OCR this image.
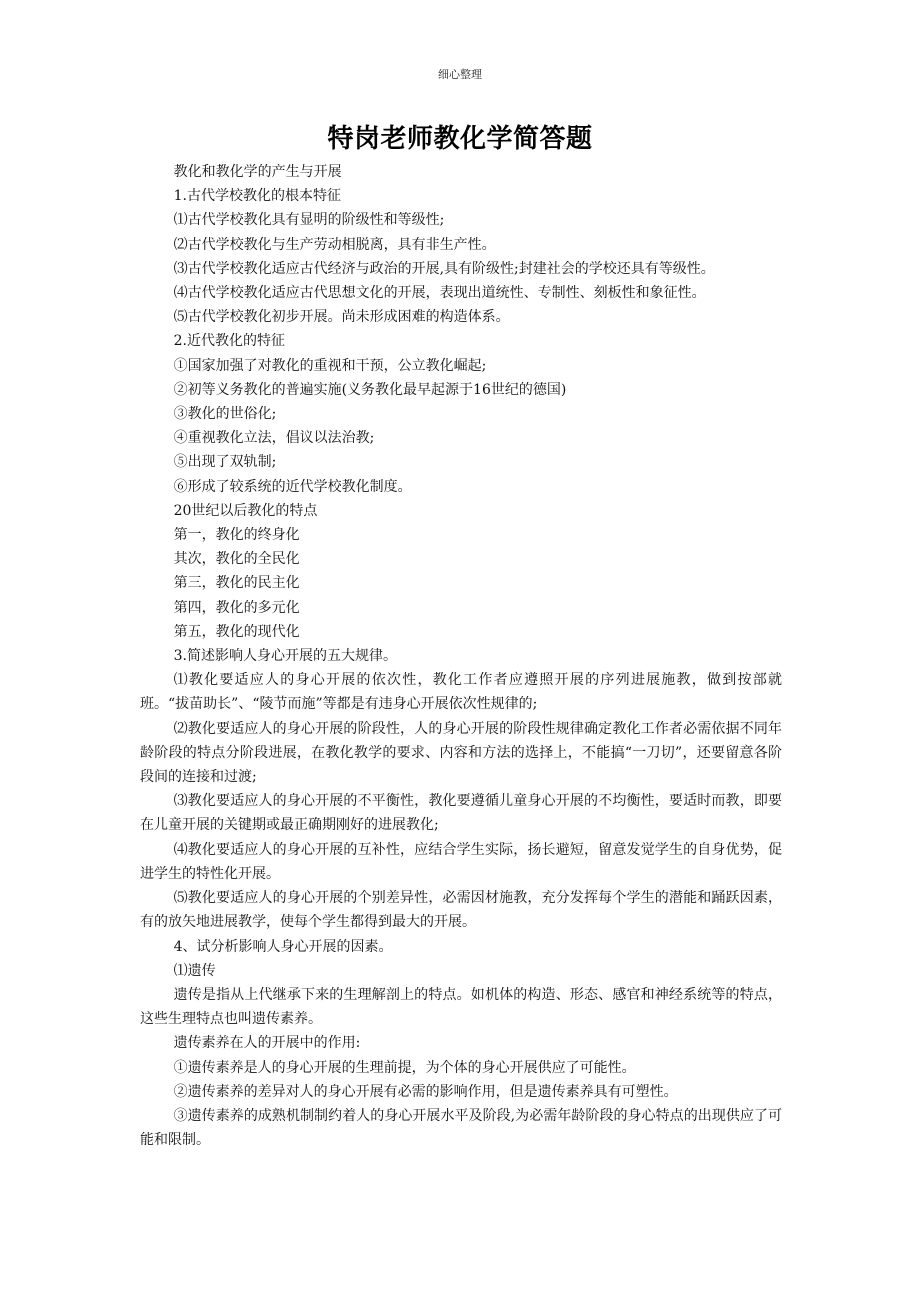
细心整理
特岗老师教化学简答题

教化和教化学的产生与开展

1.古代学校教化的根本特征

⑴古代学校教化具有显明的阶级性和等级性;

⑵古代学校教化与生产劳动相脱离，具有非生产性。

⑶古代学校教化适应古代经济与政治的开展,具有阶级性;封建社会的学校还具有等级性。

⑷古代学校教化适应古代思想文化的开展，表现出道统性、专制性、刻板性和象征性。

⑸古代学校教化初步开展。尚未形成困难的构造体系。

2.近代教化的特征

①国家加强了对教化的重视和干预，公立教化崛起;

②初等义务教化的普遍实施(义务教化最早起源于16世纪的德国)

③教化的世俗化;

④重视教化立法，倡议以法治教;

⑤出现了双轨制;

⑥形成了较系统的近代学校教化制度。

20世纪以后教化的特点

第一，教化的终身化

其次，教化的全民化

第三，教化的民主化

第四，教化的多元化

第五，教化的现代化

3.简述影响人身心开展的五大规律。

⑴教化要适应人的身心开展的依次性，教化工作者应遵照开展的序列进展施教，做到按部就班。“拔苗助长”、“陵节而施”等都是有违身心开展依次性规律的;

⑵教化要适应人的身心开展的阶段性，人的身心开展的阶段性规律确定教化工作者必需依据不同年龄阶段的特点分阶段进展，在教化教学的要求、内容和方法的选择上，不能搞“一刀切”，还要留意各阶段间的连接和过渡;

⑶教化要适应人的身心开展的不平衡性，教化要遵循儿童身心开展的不均衡性，要适时而教，即要在儿童开展的关键期或最正确期刚好的进展教化;

⑷教化要适应人的身心开展的互补性，应结合学生实际，扬长避短，留意发觉学生的自身优势，促进学生的特性化开展。

⑸教化要适应人的身心开展的个别差异性，必需因材施教，充分发挥每个学生的潜能和踊跃因素，有的放矢地进展教学，使每个学生都得到最大的开展。

4、试分析影响人身心开展的因素。

⑴遗传

遗传是指从上代继承下来的生理解剖上的特点。如机体的构造、形态、感官和神经系统等的特点，这些生理特点也叫遗传素养。

遗传素养在人的开展中的作用:

①遗传素养是人的身心开展的生理前提，为个体的身心开展供应了可能性。

②遗传素养的差异对人的身心开展有必需的影响作用，但是遗传素养具有可塑性。

③遗传素养的成熟机制制约着人的身心开展水平及阶段,为必需年龄阶段的身心特点的出现供应了可能和限制。
